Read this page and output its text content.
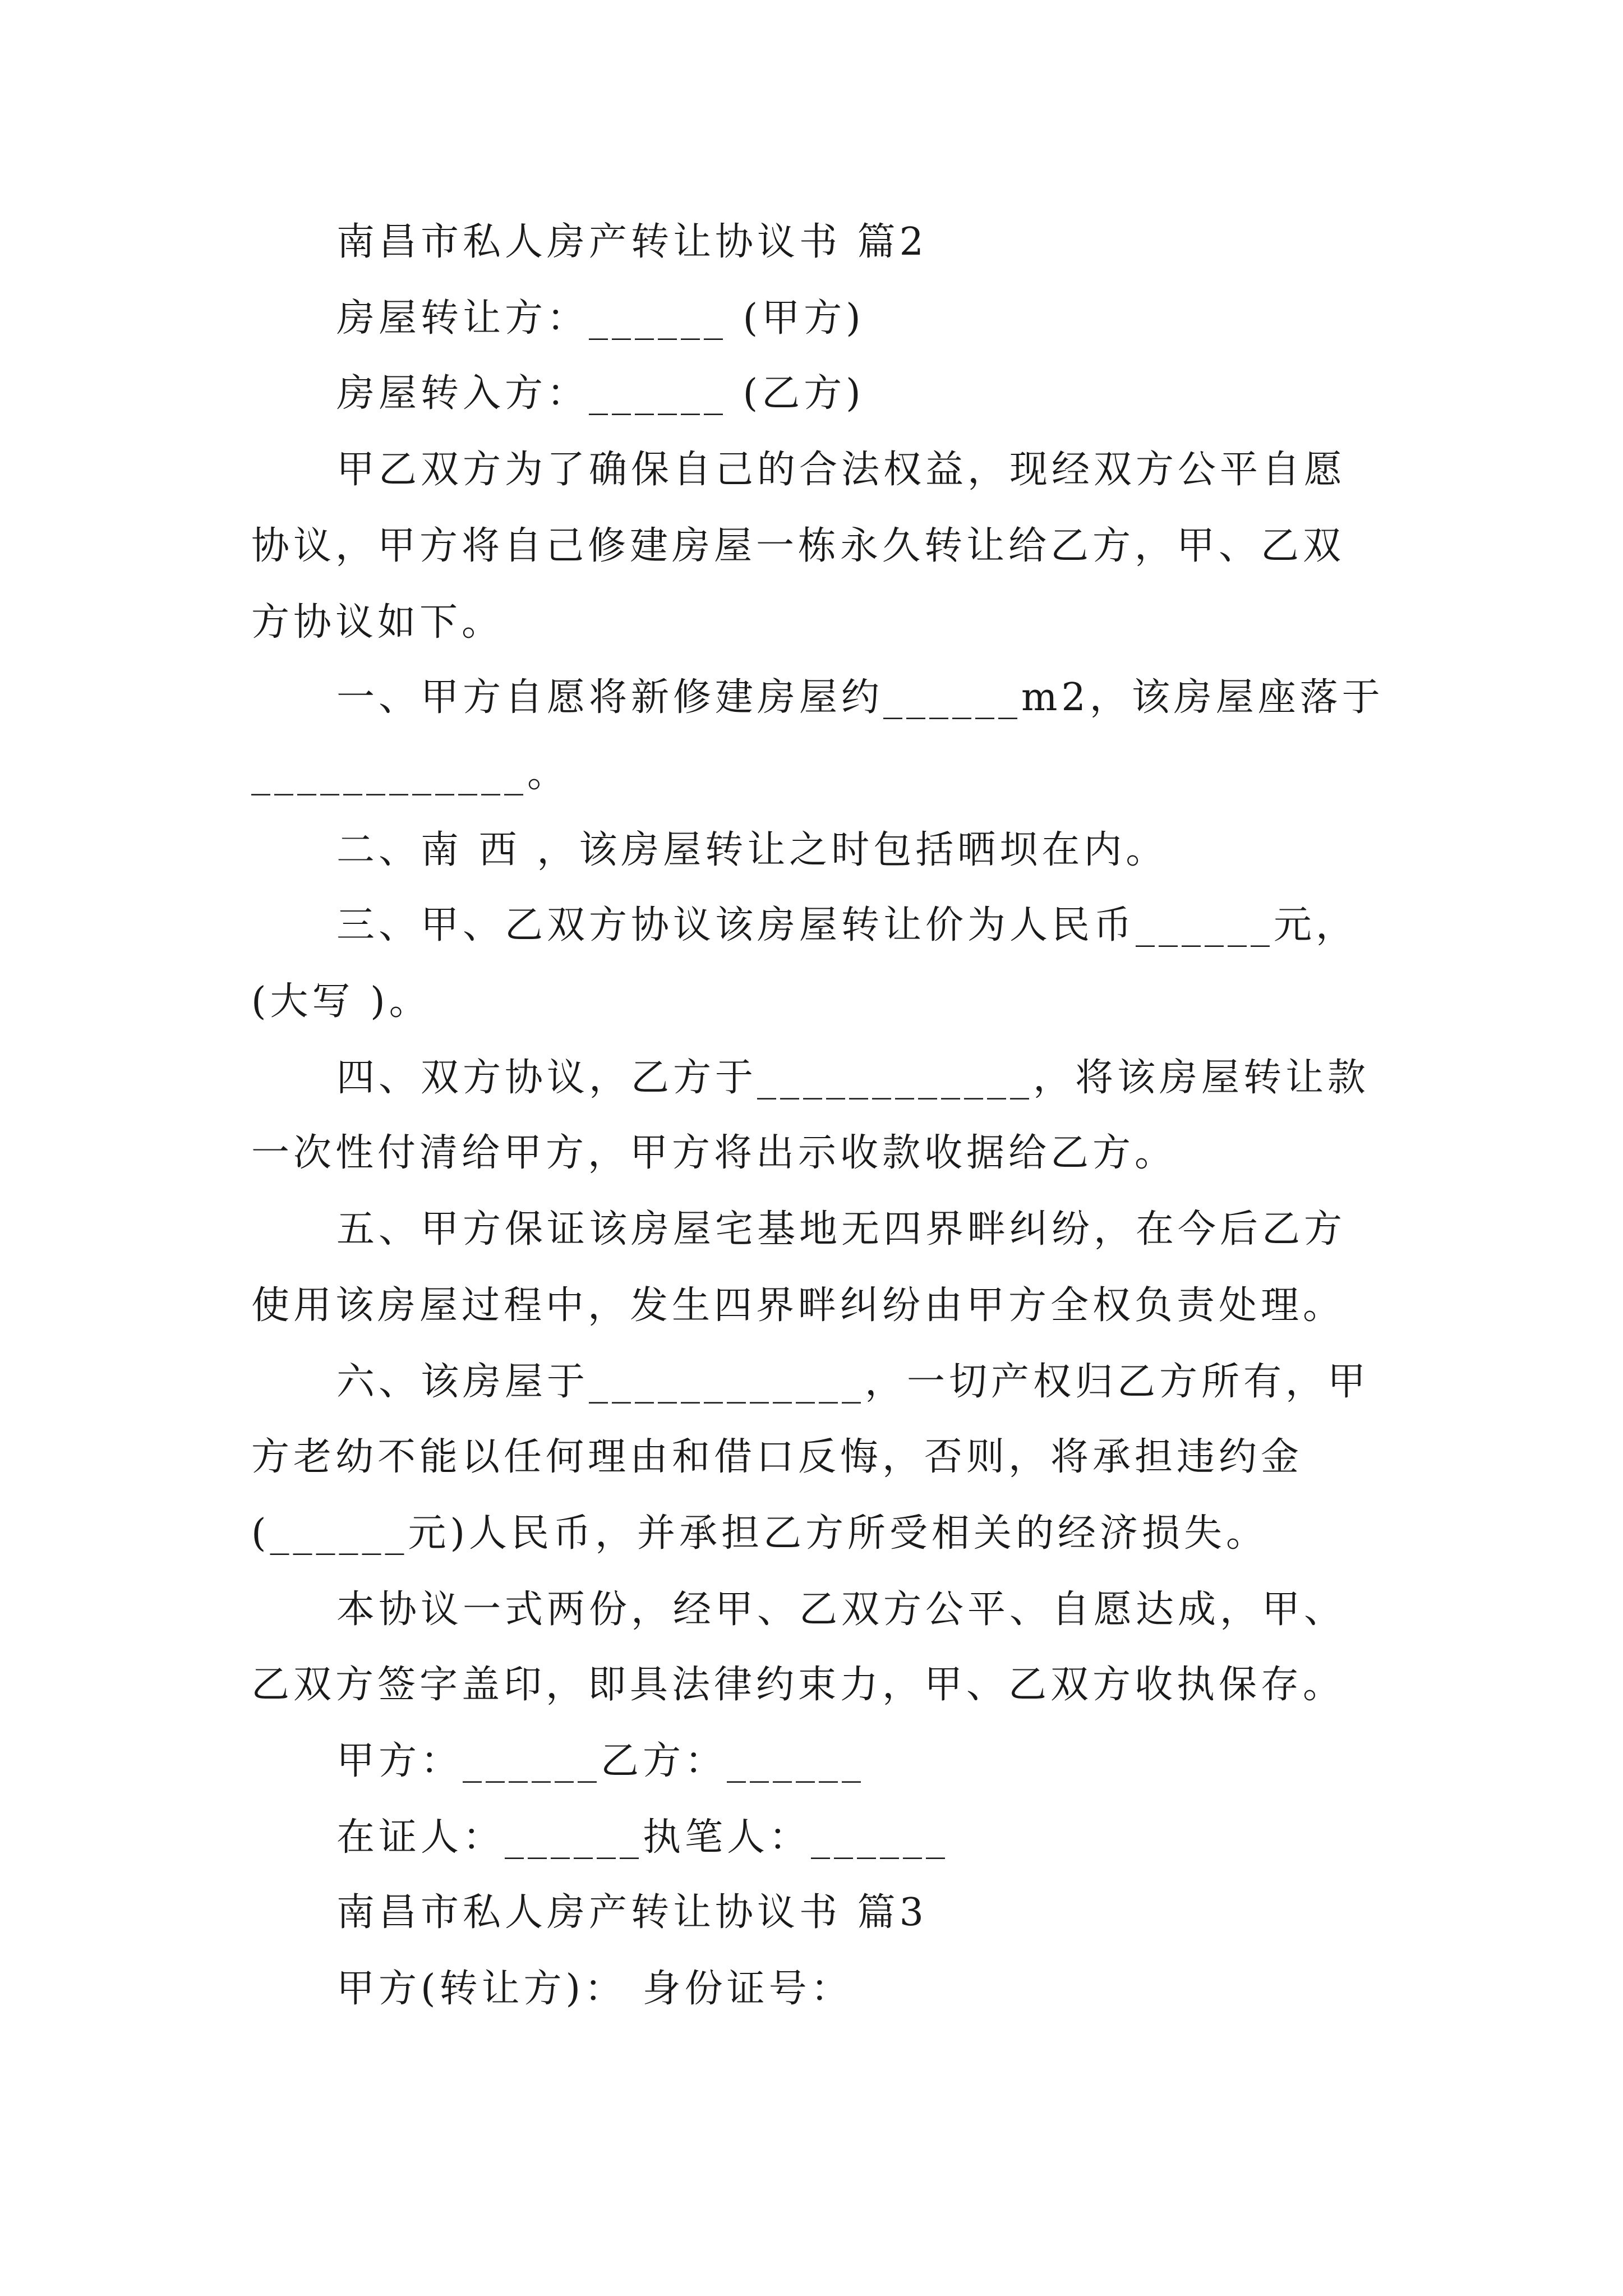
南昌市私人房产转让协议书 篇2

房屋转让方：______ (甲方)

房屋转入方：______ (乙方)

甲乙双方为了确保自己的合法权益，现经双方公平自愿

协议，甲方将自己修建房屋一栋永久转让给乙方，甲、乙双

方协议如下。

一、甲方自愿将新修建房屋约______m2，该房屋座落于

____________。

二、南 西 ，该房屋转让之时包括晒坝在内。

三、甲、乙双方协议该房屋转让价为人民币______元，

(大写 )。

四、双方协议，乙方于____________，将该房屋转让款

一次性付清给甲方，甲方将出示收款收据给乙方。

五、甲方保证该房屋宅基地无四界畔纠纷，在今后乙方

使用该房屋过程中，发生四界畔纠纷由甲方全权负责处理。

六、该房屋于____________，一切产权归乙方所有，甲

方老幼不能以任何理由和借口反悔，否则，将承担违约金

(______元)人民币，并承担乙方所受相关的经济损失。

本协议一式两份，经甲、乙双方公平、自愿达成，甲、

乙双方签字盖印，即具法律约束力，甲、乙双方收执保存。

甲方：______乙方：______

在证人：______执笔人：______

南昌市私人房产转让协议书 篇3

甲方(转让方)： 身份证号：
